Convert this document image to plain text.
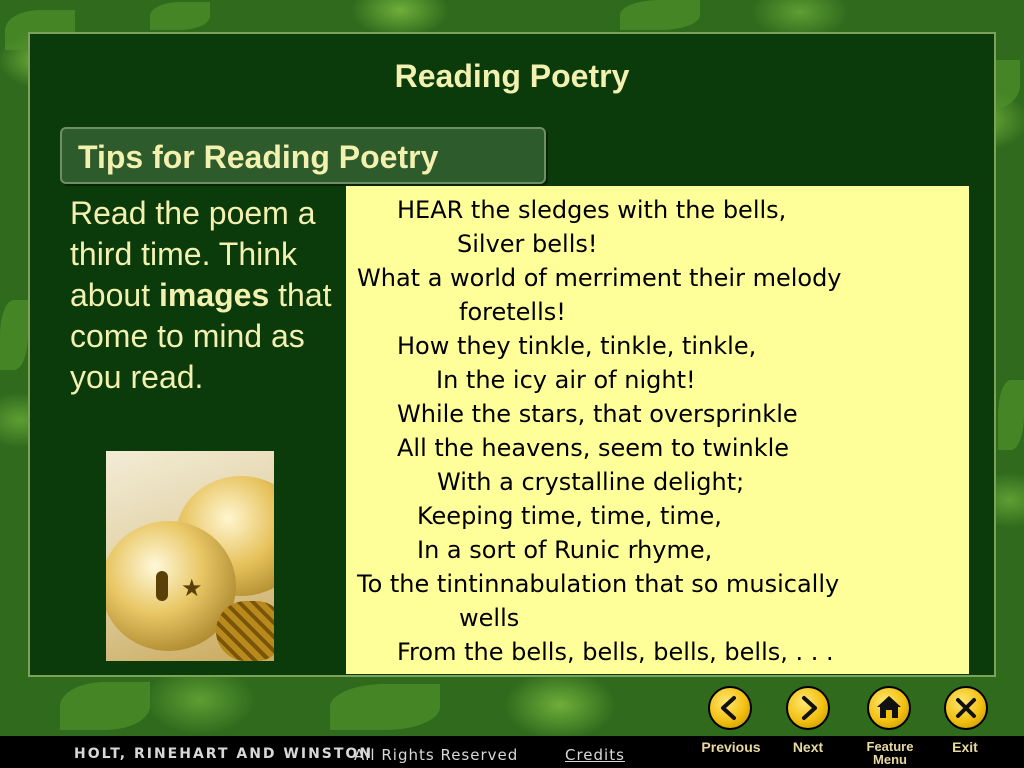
Reading Poetry
Tips for Reading Poetry
Read the poem a third time. Think about images that come to mind as you read.
★
HEAR the sledges with the bells,
Silver bells!
What a world of merriment their melody
foretells!
How they tinkle, tinkle, tinkle,
In the icy air of night!
While the stars, that oversprinkle
All the heavens, seem to twinkle
With a crystalline delight;
Keeping time, time, time,
In a sort of Runic rhyme,
To the tintinnabulation that so musically
wells
From the bells, bells, bells, bells, . . .
HOLT, RINEHART AND WINSTON
All Rights Reserved	Credits	Previous	Next	Feature Menu
Exit
